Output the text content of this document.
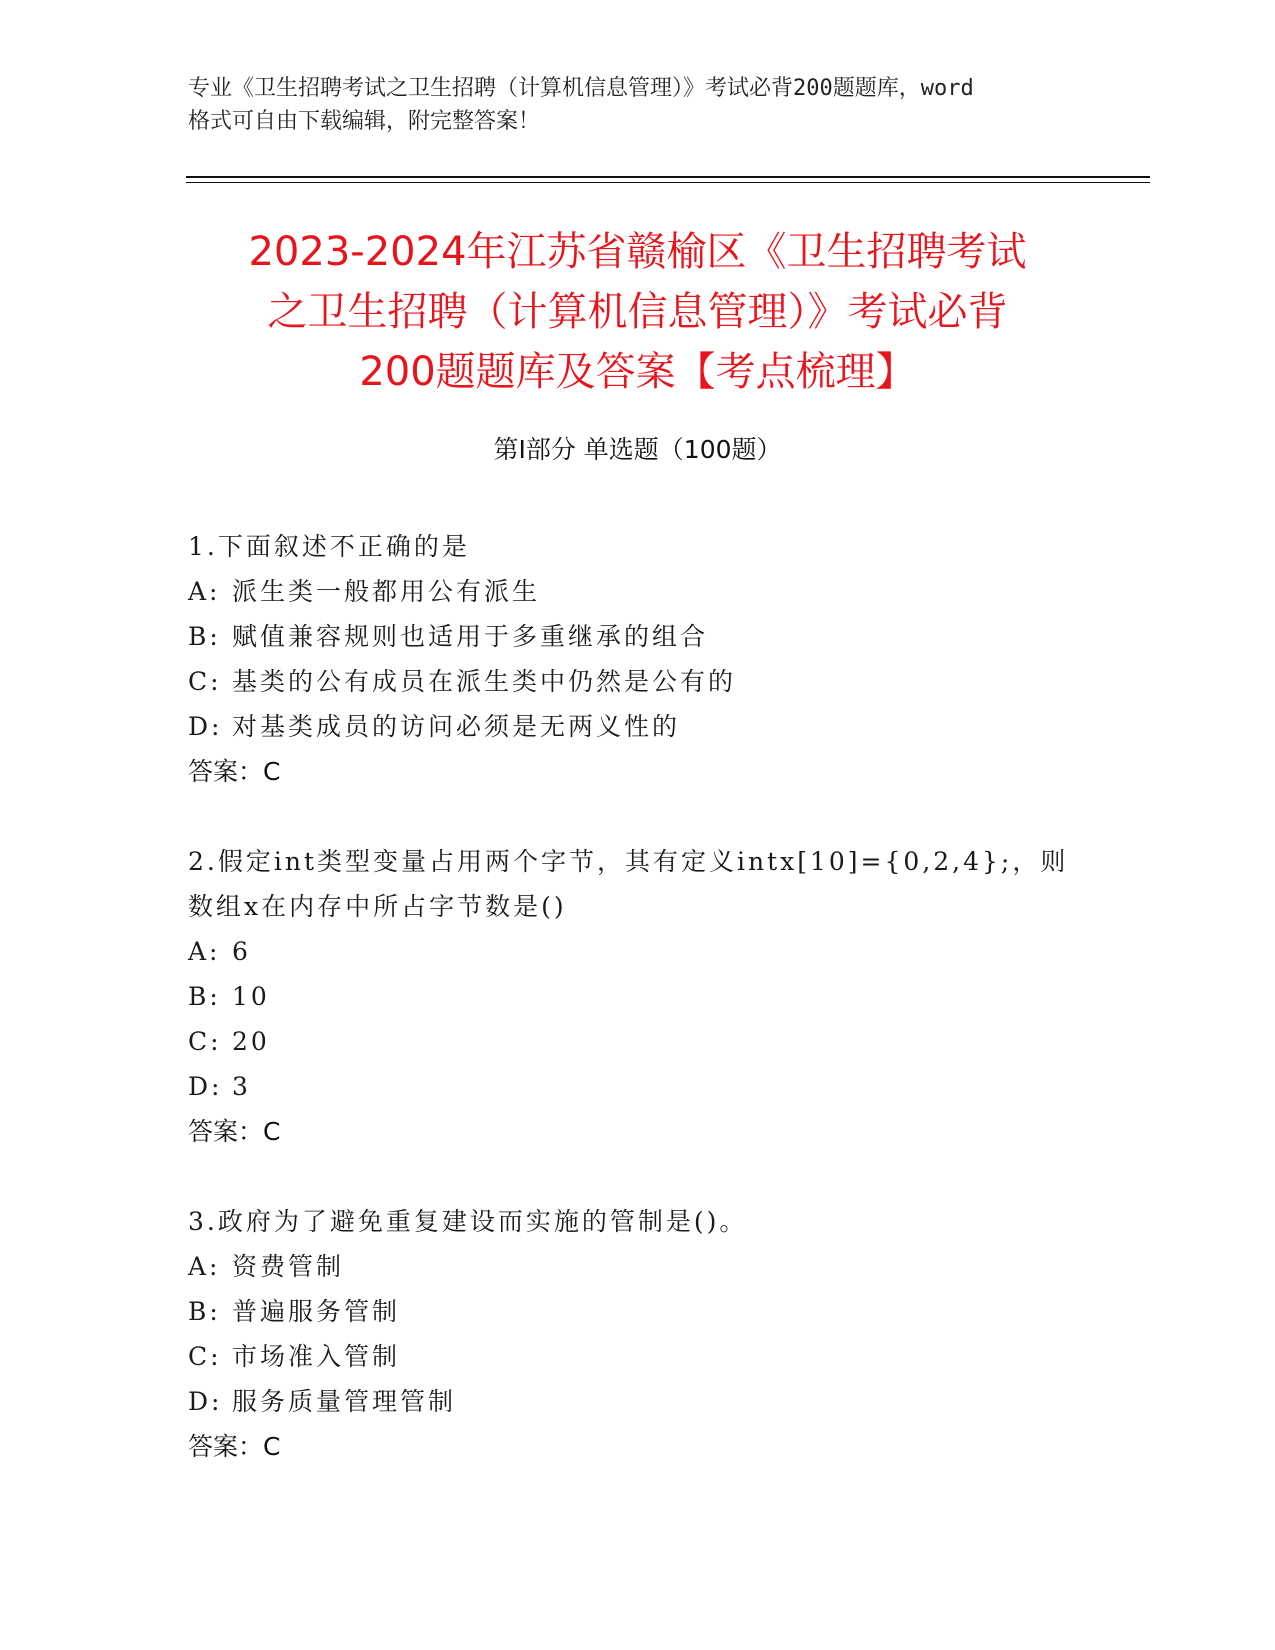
专业《卫生招聘考试之卫生招聘（计算机信息管理）》考试必背200题题库，word
格式可自由下载编辑，附完整答案！
2023-2024年江苏省赣榆区《卫生招聘考试
之卫生招聘（计算机信息管理）》考试必背
200题题库及答案【考点梳理】
第I部分 单选题（100题）

1.下面叙述不正确的是

A: 派生类一般都用公有派生
B: 赋值兼容规则也适用于多重继承的组合
C: 基类的公有成员在派生类中仍然是公有的
D: 对基类成员的访问必须是无两义性的
答案：C

2.假定int类型变量占用两个字节，其有定义intx[10]={0,2,4};，则

数组x在内存中所占字节数是()

A: 6
B: 10
C: 20
D: 3
答案：C

3.政府为了避免重复建设而实施的管制是()。

A: 资费管制
B: 普遍服务管制
C: 市场准入管制
D: 服务质量管理管制
答案：C
